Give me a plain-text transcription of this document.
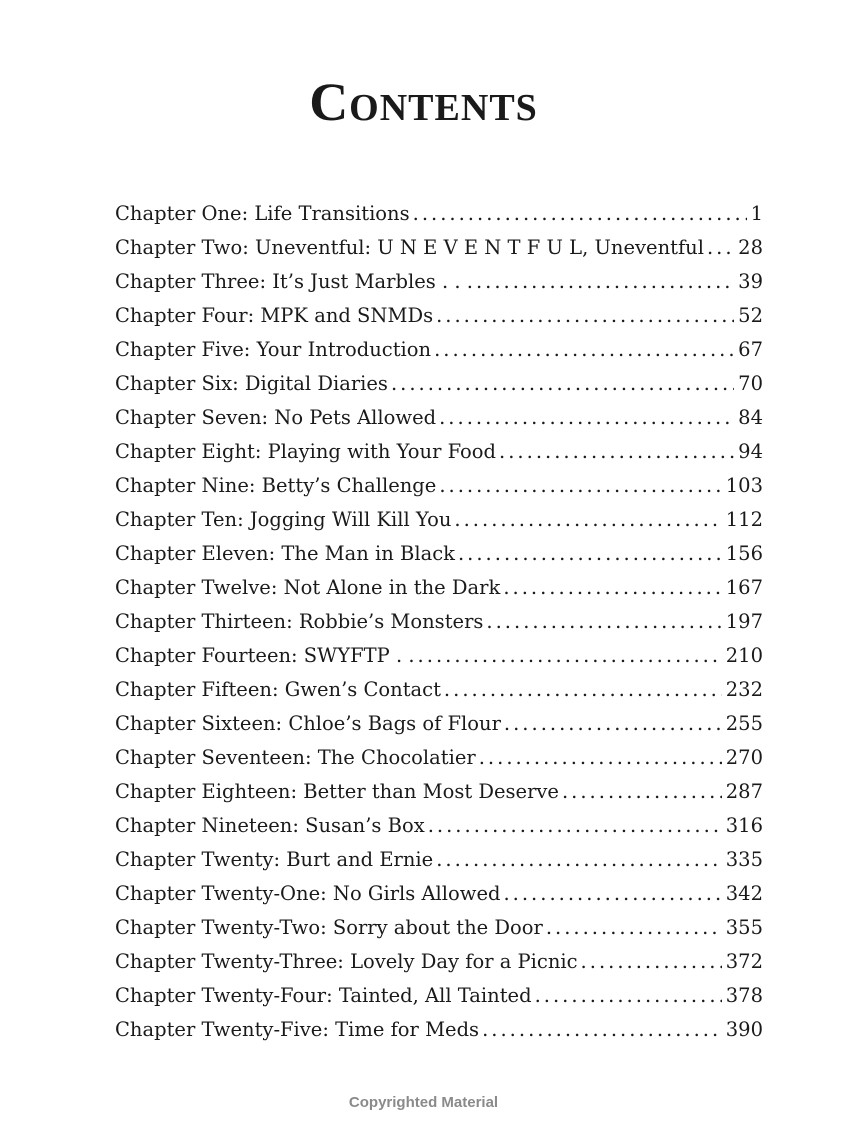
Contents
Chapter One: Life Transitions . . .	1
Chapter Two: Uneventful: U N E V E N T F U L, Uneventful . . . 28
Chapter Three: It’s Just Marbles . . . . . .	39
Chapter Four: MPK and SNMDs . . .	52
Chapter Five: Your Introduction . . .	67
Chapter Six: Digital Diaries . . .	70
Chapter Seven: No Pets Allowed . . .	84
Chapter Eight: Playing with Your Food . . .	94
Chapter Nine: Betty’s Challenge . . .	103
Chapter Ten: Jogging Will Kill You . . .	112
Chapter Eleven: The Man in Black . . .	156
Chapter Twelve: Not Alone in the Dark . . .	167
Chapter Thirteen: Robbie’s Monsters . . .	197
Chapter Fourteen: SWYFTP . . . . .	210
Chapter Fifteen: Gwen’s Contact . . .	232
Chapter Sixteen: Chloe’s Bags of Flour . . .	255
Chapter Seventeen: The Chocolatier . . .	270
Chapter Eighteen: Better than Most Deserve . . .	287
Chapter Nineteen: Susan’s Box . . .	316
Chapter Twenty: Burt and Ernie . . .	335
Chapter Twenty-One: No Girls Allowed . . .	342
Chapter Twenty-Two: Sorry about the Door . . .	355
Chapter Twenty-Three: Lovely Day for a Picnic . . .	372
Chapter Twenty-Four: Tainted, All Tainted . . .	378
Chapter Twenty-Five: Time for Meds . . .	390

Copyrighted Material
